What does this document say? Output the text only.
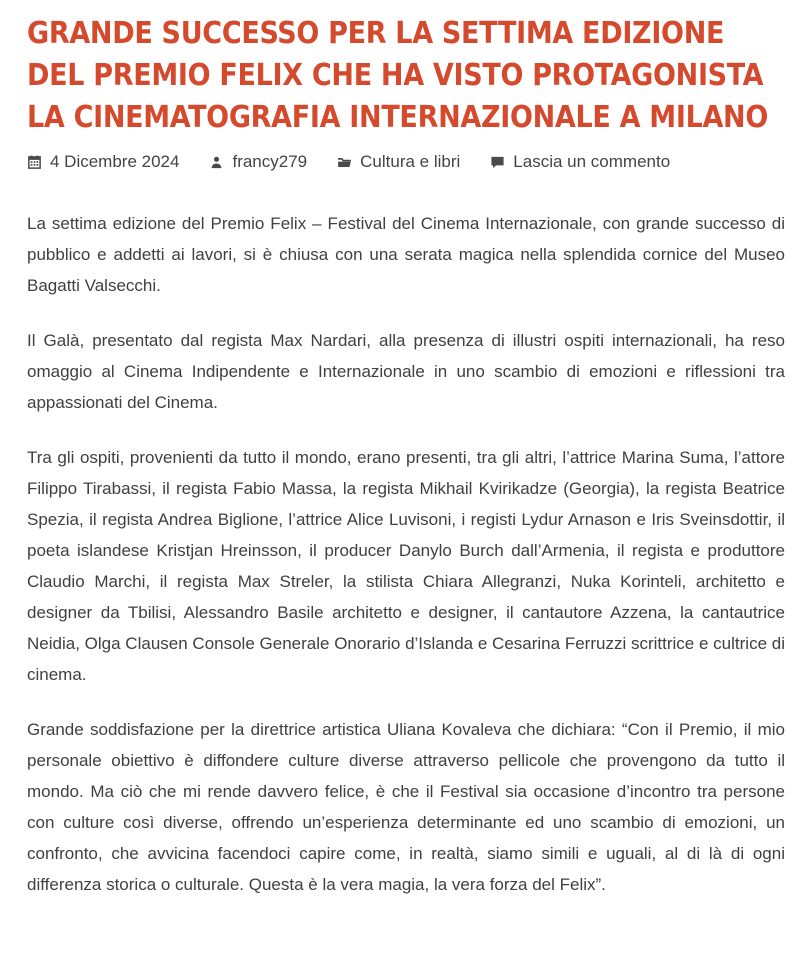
GRANDE SUCCESSO PER LA SETTIMA EDIZIONE DEL PREMIO FELIX CHE HA VISTO PROTAGONISTA LA CINEMATOGRAFIA INTERNAZIONALE A MILANO
4 Dicembre 2024	francy279	Cultura e libri	Lascia un commento

La settima edizione del Premio Felix – Festival del Cinema Internazionale, con grande successo di pubblico e addetti ai lavori, si è chiusa con una serata magica nella splendida cornice del Museo Bagatti Valsecchi.

Il Galà, presentato dal regista Max Nardari, alla presenza di illustri ospiti internazionali, ha reso omaggio al Cinema Indipendente e Internazionale in uno scambio di emozioni e riflessioni tra appassionati del Cinema.

Tra gli ospiti, provenienti da tutto il mondo, erano presenti, tra gli altri, l’attrice Marina Suma, l’attore Filippo Tirabassi, il regista Fabio Massa, la regista Mikhail Kvirikadze (Georgia), la regista Beatrice Spezia, il regista Andrea Biglione, l’attrice Alice Luvisoni, i registi Lydur Arnason e Iris Sveinsdottir, il poeta islandese Kristjan Hreinsson, il producer Danylo Burch dall’Armenia, il regista e produttore Claudio Marchi, il regista Max Streler, la stilista Chiara Allegranzi, Nuka Korinteli, architetto e designer da Tbilisi, Alessandro Basile architetto e designer, il cantautore Azzena, la cantautrice Neidia, Olga Clausen Console Generale Onorario d’Islanda e Cesarina Ferruzzi scrittrice e cultrice di cinema.

Grande soddisfazione per la direttrice artistica Uliana Kovaleva che dichiara: “Con il Premio, il mio personale obiettivo è diffondere culture diverse attraverso pellicole che provengono da tutto il mondo. Ma ciò che mi rende davvero felice, è che il Festival sia occasione d’incontro tra persone con culture così diverse, offrendo un’esperienza determinante ed uno scambio di emozioni, un confronto, che avvicina facendoci capire come, in realtà, siamo simili e uguali, al di là di ogni differenza storica o culturale. Questa è la vera magia, la vera forza del Felix”.
